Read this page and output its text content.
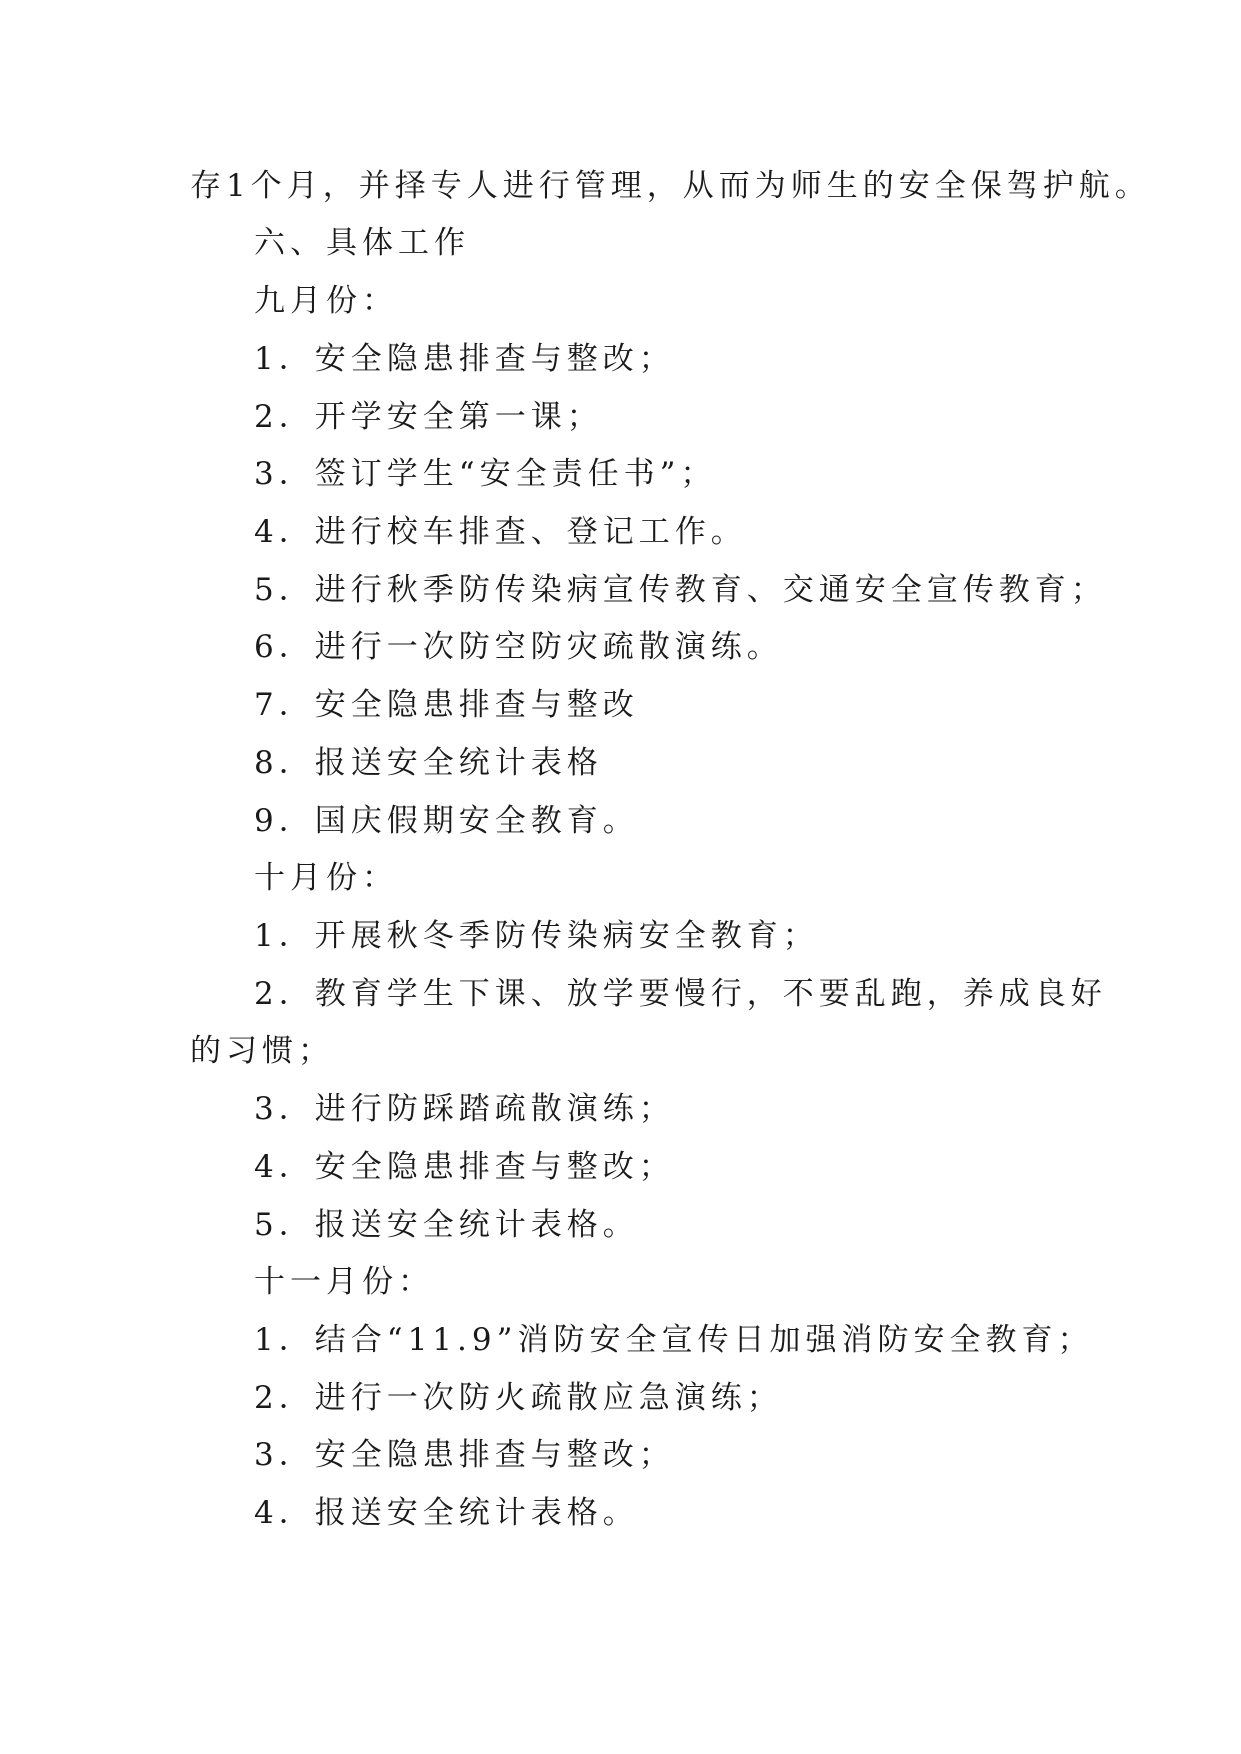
存1个月，并择专人进行管理，从而为师生的安全保驾护航。
六、具体工作
九月份：
1．安全隐患排查与整改；
2．开学安全第一课；
3．签订学生“安全责任书”；
4．进行校车排查、登记工作。
5．进行秋季防传染病宣传教育、交通安全宣传教育；
6．进行一次防空防灾疏散演练。
7．安全隐患排查与整改
8．报送安全统计表格
9．国庆假期安全教育。
十月份：
1．开展秋冬季防传染病安全教育；
2．教育学生下课、放学要慢行，不要乱跑，养成良好
的习惯；
3．进行防踩踏疏散演练；
4．安全隐患排查与整改；
5．报送安全统计表格。
十一月份：
1．结合“11.9”消防安全宣传日加强消防安全教育；
2．进行一次防火疏散应急演练；
3．安全隐患排查与整改；
4．报送安全统计表格。
